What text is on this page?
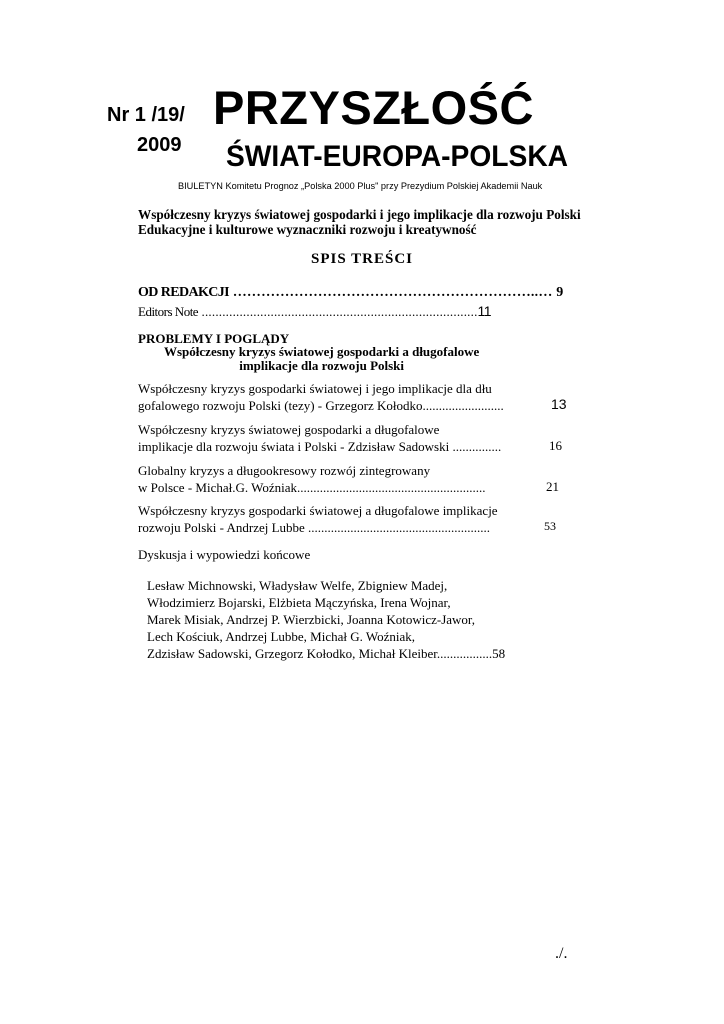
Nr 1 /19/
2009
PRZYSZŁOŚĆ
ŚWIAT-EUROPA-POLSKA
BIULETYN Komitetu Prognoz „Polska 2000 Plus" przy Prezydium Polskiej Akademii Nauk
Współczesny kryzys światowej gospodarki i jego implikacje dla rozwoju Polski
Edukacyjne i kulturowe wyznaczniki rozwoju i kreatywność
SPIS TREŚCI
OD REDAKCJI ………………………………………………………..… 9
Editors Note ................................................................................11
PROBLEMY I POGLĄDY
Współczesny kryzys światowej gospodarki a długofalowe
implikacje dla rozwoju Polski
Współczesny kryzys gospodarki światowej i jego implikacje dla dłu
gofalowego rozwoju Polski (tezy) - Grzegorz Kołodko.........................	13
Współczesny kryzys światowej gospodarki a długofalowe
implikacje dla rozwoju świata i Polski - Zdzisław Sadowski ...............	16
Globalny kryzys a długookresowy rozwój zintegrowany
w Polsce - Michał.G. Woźniak..........................................................	21
Współczesny kryzys gospodarki światowej a długofalowe implikacje
rozwoju Polski - Andrzej Lubbe ........................................................	53
Dyskusja i wypowiedzi końcowe
Lesław Michnowski, Władysław Welfe, Zbigniew Madej,
Włodzimierz Bojarski, Elżbieta Mączyńska, Irena Wojnar,
Marek Misiak, Andrzej P. Wierzbicki, Joanna Kotowicz-Jawor,
Lech Kościuk, Andrzej Lubbe, Michał G. Woźniak,
Zdzisław Sadowski, Grzegorz Kołodko, Michał Kleiber.................58
./.
